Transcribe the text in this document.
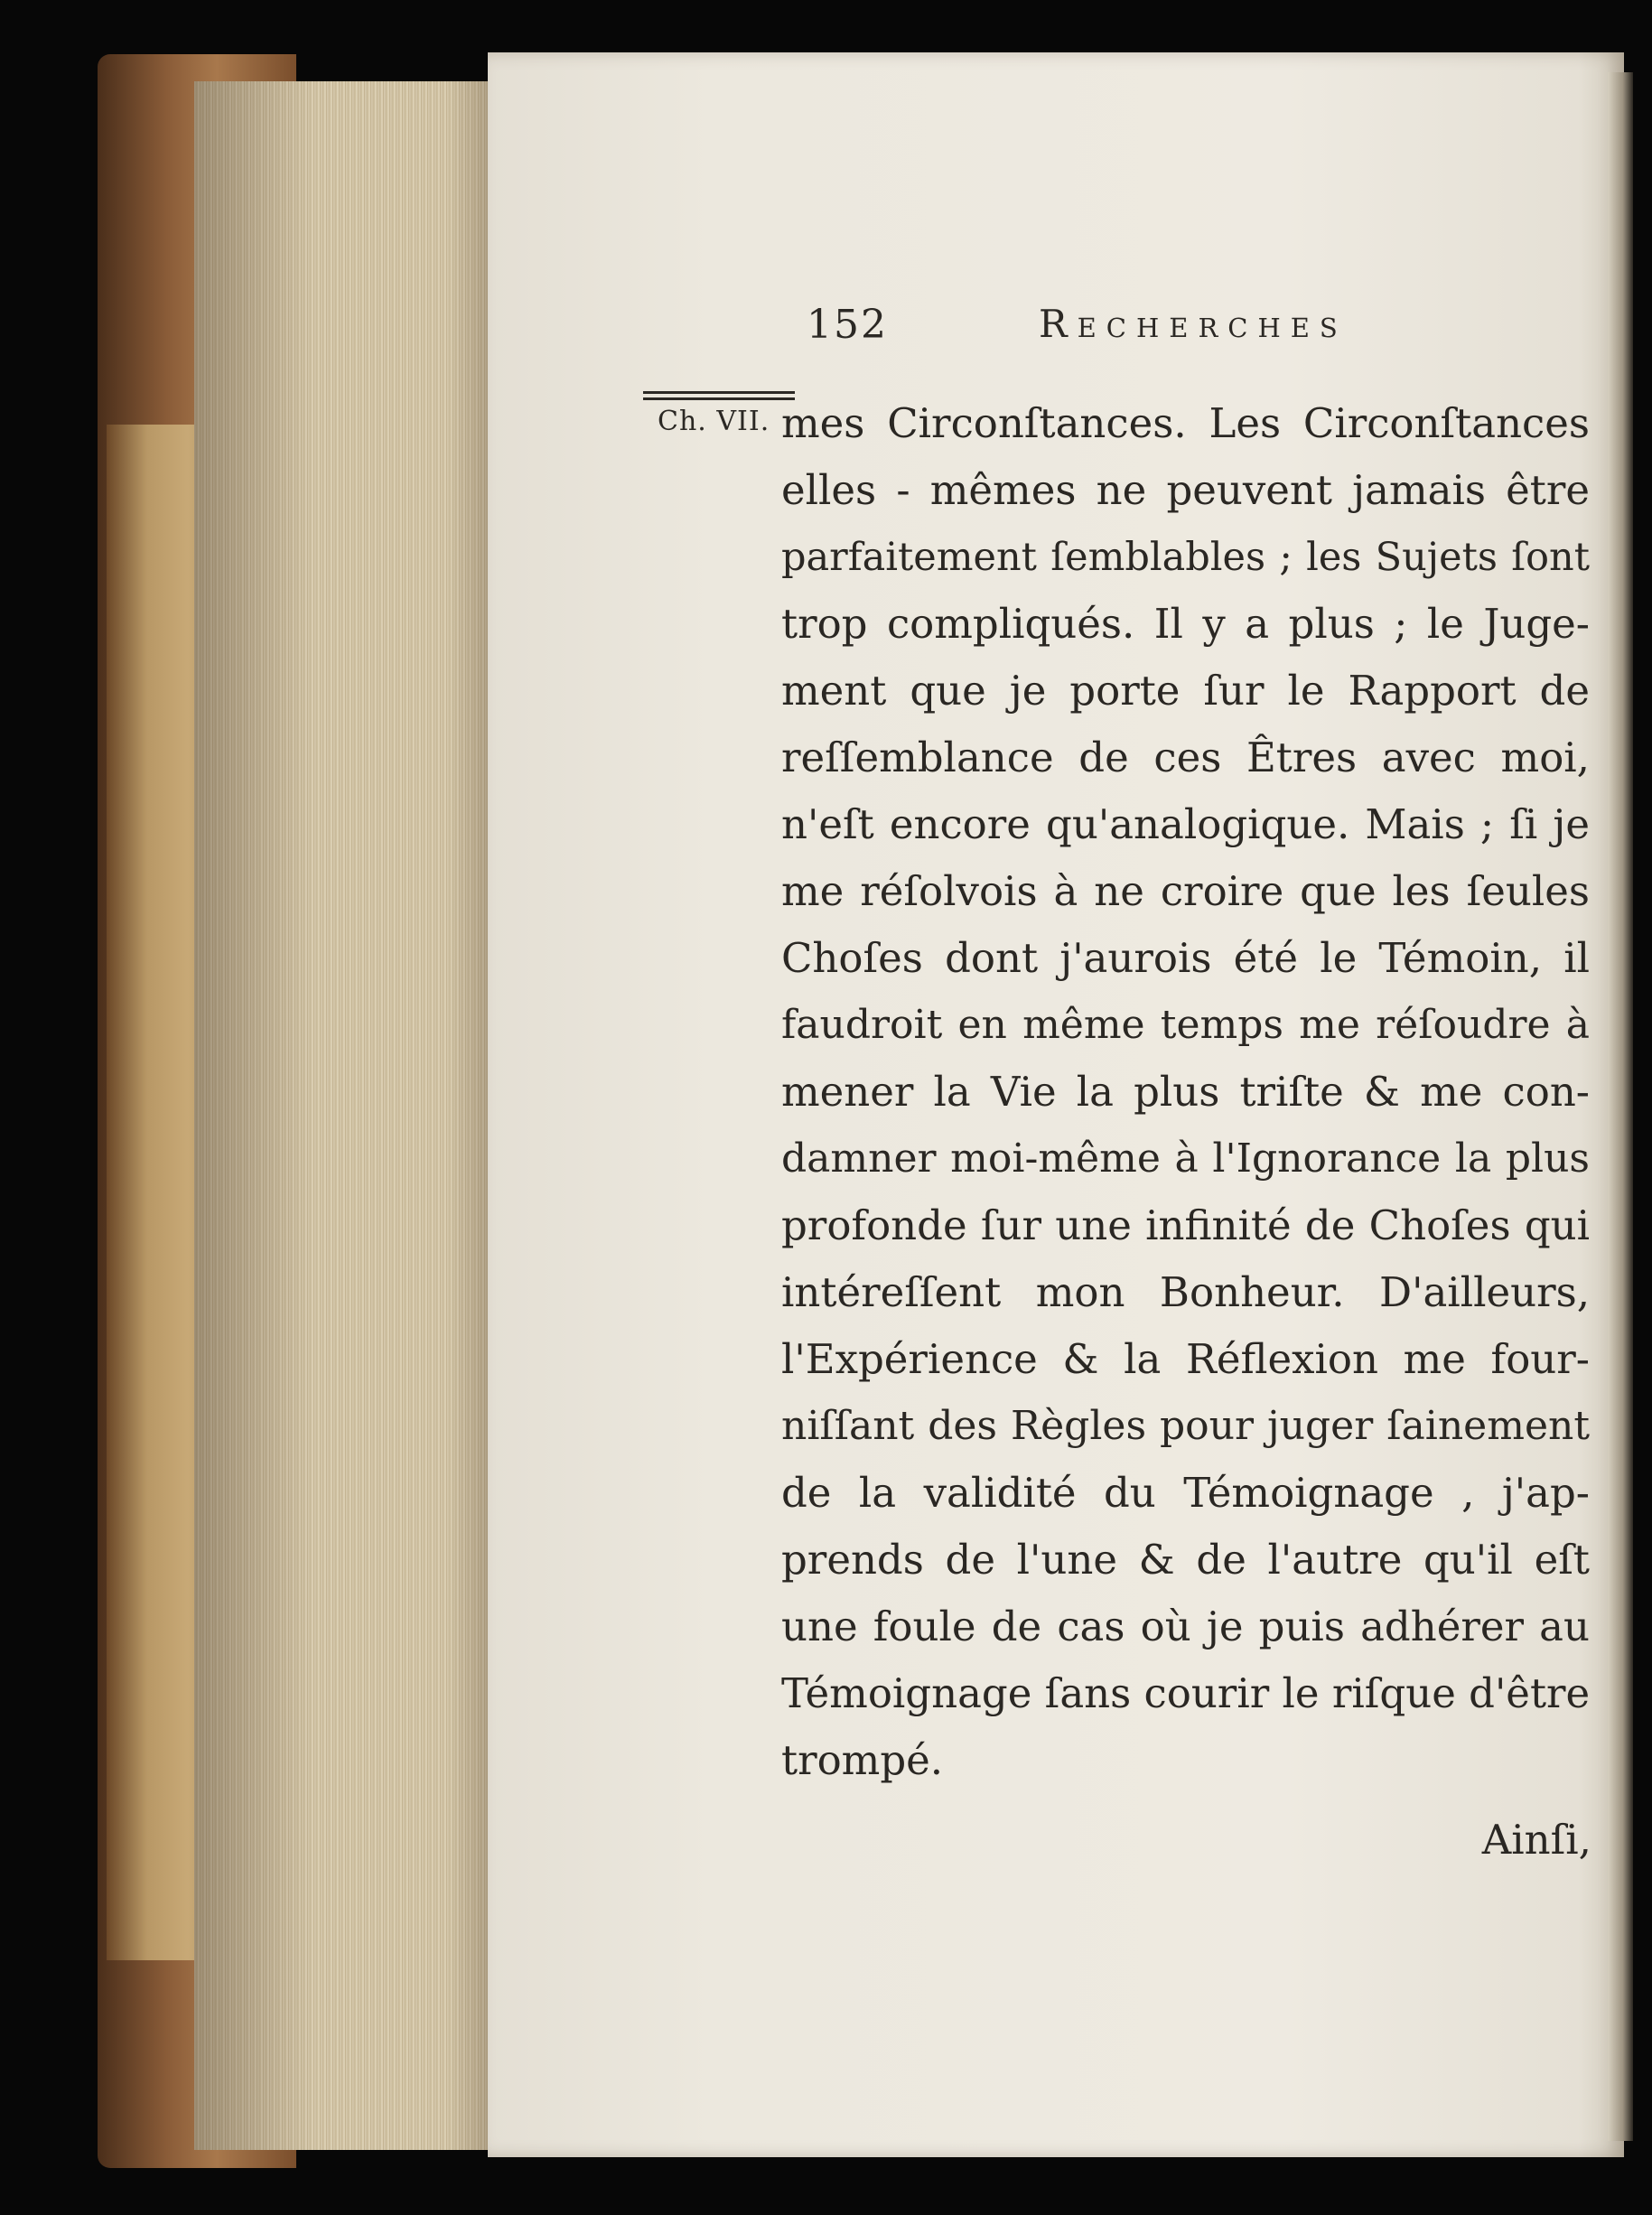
152	Recherches
Ch. VII. mes Circonſtances. Les Circonſtances
elles - mêmes ne peuvent jamais être
parfaitement ſemblables ; les Sujets ſont
trop compliqués. Il y a plus ; le Juge-
ment que je porte ſur le Rapport de
reſſemblance de ces Êtres avec moi,
n'eſt encore qu'analogique. Mais ; ſi je
me réſolvois à ne croire que les ſeules
Choſes dont j'aurois été le Témoin, il
faudroit en même temps me réſoudre à
mener la Vie la plus triſte & me con-
damner moi-même à l'Ignorance la plus
profonde ſur une infinité de Choſes qui
intéreſſent mon Bonheur. D'ailleurs,
l'Expérience & la Réflexion me four-
niſſant des Règles pour juger ſainement
de la validité du Témoignage , j'ap-
prends de l'une & de l'autre qu'il eſt
une foule de cas où je puis adhérer au
Témoignage ſans courir le riſque d'être
trompé.
Ainſi,
